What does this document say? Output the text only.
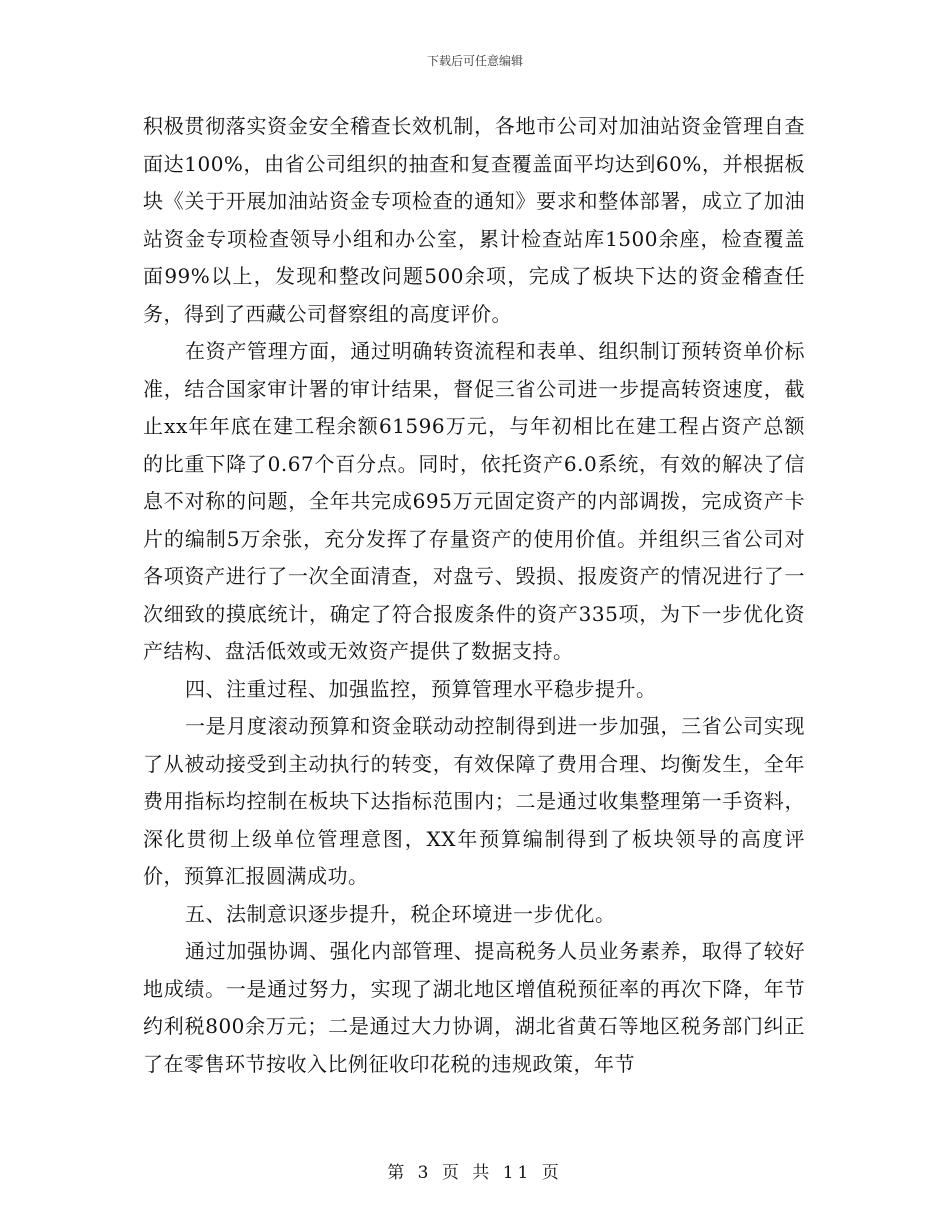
下载后可任意编辑

积极贯彻落实资金安全稽查长效机制，各地市公司对加油站资金管理自查面达100%，由省公司组织的抽查和复查覆盖面平均达到60%，并根据板块《关于开展加油站资金专项检查的通知》要求和整体部署，成立了加油站资金专项检查领导小组和办公室，累计检查站库1500余座，检查覆盖面99%以上，发现和整改问题500余项，完成了板块下达的资金稽查任务，得到了西藏公司督察组的高度评价。

在资产管理方面，通过明确转资流程和表单、组织制订预转资单价标准，结合国家审计署的审计结果，督促三省公司进一步提高转资速度，截止xx年年底在建工程余额61596万元，与年初相比在建工程占资产总额的比重下降了0.67个百分点。同时，依托资产6.0系统，有效的解决了信息不对称的问题，全年共完成695万元固定资产的内部调拨，完成资产卡片的编制5万余张，充分发挥了存量资产的使用价值。并组织三省公司对各项资产进行了一次全面清查，对盘亏、毁损、报废资产的情况进行了一次细致的摸底统计，确定了符合报废条件的资产335项，为下一步优化资产结构、盘活低效或无效资产提供了数据支持。

四、注重过程、加强监控，预算管理水平稳步提升。

一是月度滚动预算和资金联动动控制得到进一步加强，三省公司实现了从被动接受到主动执行的转变，有效保障了费用合理、均衡发生，全年费用指标均控制在板块下达指标范围内；二是通过收集整理第一手资料，深化贯彻上级单位管理意图，XX年预算编制得到了板块领导的高度评价，预算汇报圆满成功。

五、法制意识逐步提升，税企环境进一步优化。

通过加强协调、强化内部管理、提高税务人员业务素养，取得了较好地成绩。一是通过努力，实现了湖北地区增值税预征率的再次下降，年节约利税800余万元；二是通过大力协调，湖北省黄石等地区税务部门纠正了在零售环节按收入比例征收印花税的违规政策，年节

第 3 页 共 11 页
